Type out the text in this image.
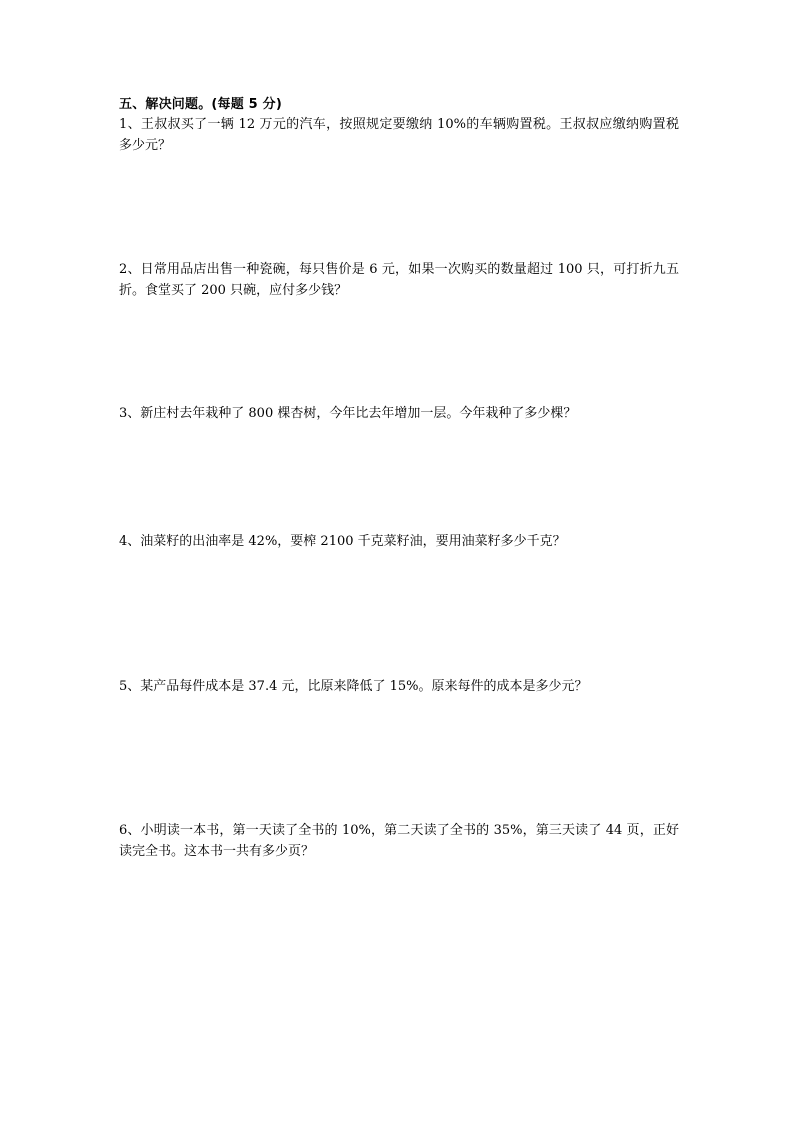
五、解决问题。(每题 5 分)
1、王叔叔买了一辆 12 万元的汽车，按照规定要缴纳 10%的车辆购置税。王叔叔应缴纳购置税多少元？
2、日常用品店出售一种瓷碗，每只售价是 6 元，如果一次购买的数量超过 100 只，可打折九五折。食堂买了 200 只碗，应付多少钱？
3、新庄村去年栽种了 800 棵杏树，今年比去年增加一层。今年栽种了多少棵？
4、油菜籽的出油率是 42%，要榨 2100 千克菜籽油，要用油菜籽多少千克？
5、某产品每件成本是 37.4 元，比原来降低了 15%。原来每件的成本是多少元？
6、小明读一本书，第一天读了全书的 10%，第二天读了全书的 35%，第三天读了 44 页，正好读完全书。这本书一共有多少页？
